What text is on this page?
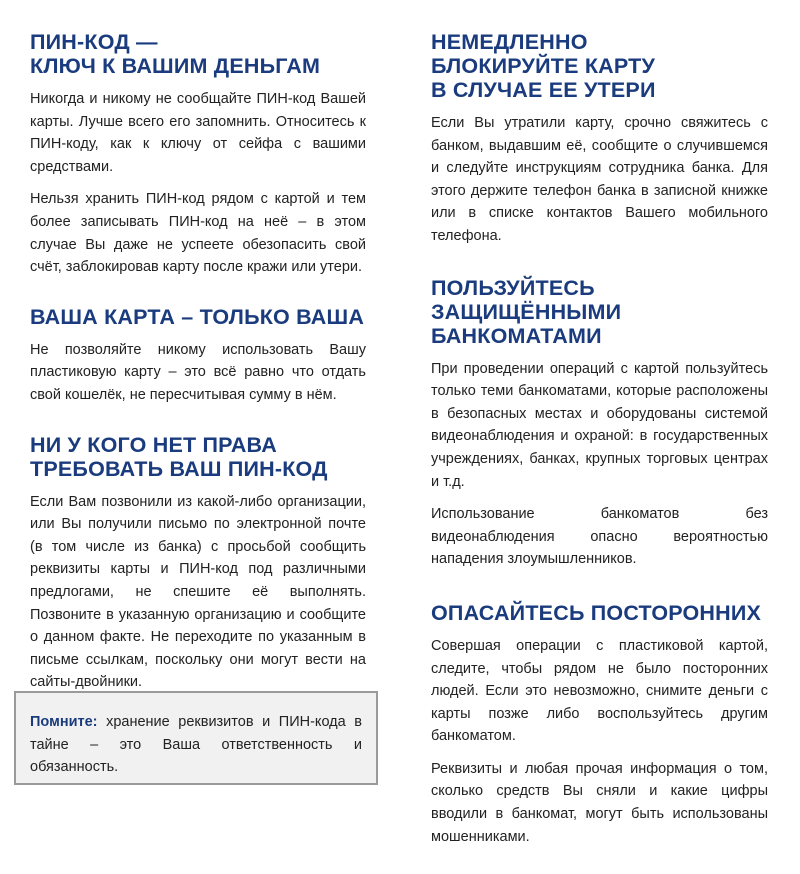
ПИН-КОД —
КЛЮЧ К ВАШИМ ДЕНЬГАМ

Никогда и никому не сообщайте ПИН-код Вашей карты. Лучше всего его запомнить. Относитесь к ПИН-коду, как к ключу от сейфа с вашими средствами.

Нельзя хранить ПИН-код рядом с картой и тем более записывать ПИН-код на неё – в этом случае Вы даже не успеете обезопасить свой счёт, заблокировав карту после кражи или утери.

ВАША КАРТА – ТОЛЬКО ВАША

Не позволяйте никому использовать Вашу пластиковую карту – это всё равно что отдать свой кошелёк, не пересчитывая сумму в нём.

НИ У КОГО НЕТ ПРАВА
ТРЕБОВАТЬ ВАШ ПИН-КОД

Если Вам позвонили из какой-либо организации, или Вы получили письмо по электронной почте (в том числе из банка) с просьбой сообщить реквизиты карты и ПИН-код под различными предлогами, не спешите её выполнять. Позвоните в указанную организацию и сообщите о данном факте. Не переходите по указанным в письме ссылкам, поскольку они могут вести на сайты-двойники.

Помните: хранение реквизитов и ПИН-кода в тайне – это Ваша ответственность и обязанность.

НЕМЕДЛЕННО
БЛОКИРУЙТЕ КАРТУ
В СЛУЧАЕ ЕЕ УТЕРИ

Если Вы утратили карту, срочно свяжитесь с банком, выдавшим её, сообщите о случившемся и следуйте инструкциям сотрудника банка. Для этого держите телефон банка в записной книжке или в списке контактов Вашего мобильного телефона.

ПОЛЬЗУЙТЕСЬ
ЗАЩИЩЁННЫМИ
БАНКОМАТАМИ

При проведении операций с картой пользуйтесь только теми банкоматами, которые расположены в безопасных местах и оборудованы системой видеонаблюдения и охраной: в государственных учреждениях, банках, крупных торговых центрах и т.д.

Использование банкоматов без видеонаблюдения опасно вероятностью нападения злоумышленников.

ОПАСАЙТЕСЬ ПОСТОРОННИХ

Совершая операции с пластиковой картой, следите, чтобы рядом не было посторонних людей. Если это невозможно, снимите деньги с карты позже либо воспользуйтесь другим банкоматом.

Реквизиты и любая прочая информация о том, сколько средств Вы сняли и какие цифры вводили в банкомат, могут быть использованы мошенниками.
